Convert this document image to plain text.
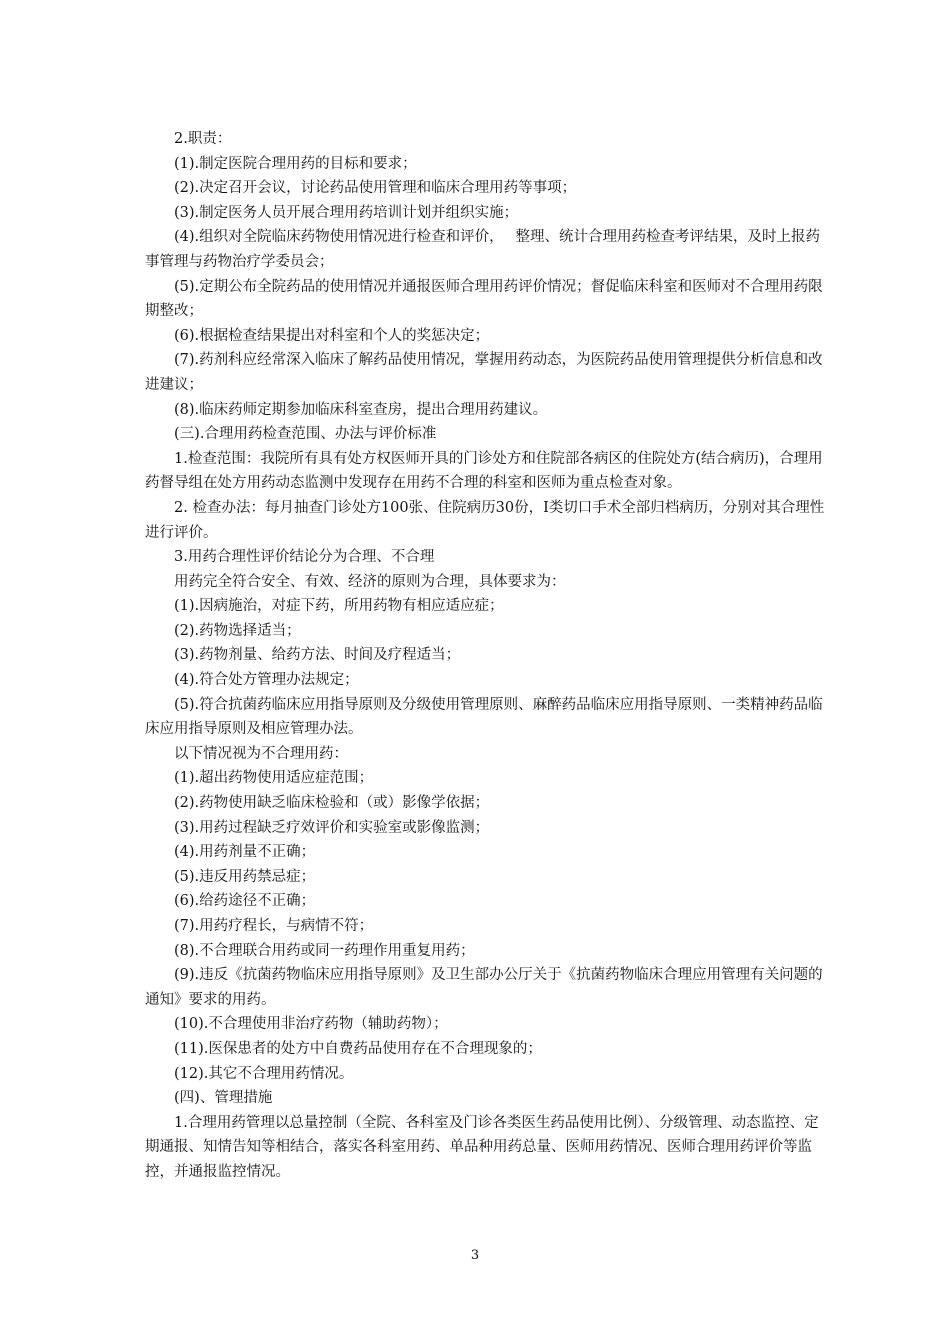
2.职责：

(1).制定医院合理用药的目标和要求；

(2).决定召开会议，讨论药品使用管理和临床合理用药等事项；

(3).制定医务人员开展合理用药培训计划并组织实施；

(4).组织对全院临床药物使用情况进行检查和评价，　 整理、统计合理用药检查考评结果，及时上报药事管理与药物治疗学委员会；

(5).定期公布全院药品的使用情况并通报医师合理用药评价情况；督促临床科室和医师对不合理用药限期整改；

(6).根据检查结果提出对科室和个人的奖惩决定；

(7).药剂科应经常深入临床了解药品使用情况，掌握用药动态，为医院药品使用管理提供分析信息和改进建议；

(8).临床药师定期参加临床科室查房，提出合理用药建议。

(三).合理用药检查范围、办法与评价标准

1.检查范围：我院所有具有处方权医师开具的门诊处方和住院部各病区的住院处方(结合病历)，合理用药督导组在处方用药动态监测中发现存在用药不合理的科室和医师为重点检查对象。

2. 检查办法：每月抽查门诊处方100张、住院病历30份，I类切口手术全部归档病历，分别对其合理性进行评价。

3.用药合理性评价结论分为合理、不合理

用药完全符合安全、有效、经济的原则为合理，具体要求为：

(1).因病施治，对症下药，所用药物有相应适应症；

(2).药物选择适当；

(3).药物剂量、给药方法、时间及疗程适当；

(4).符合处方管理办法规定；

(5).符合抗菌药临床应用指导原则及分级使用管理原则、麻醉药品临床应用指导原则、一类精神药品临床应用指导原则及相应管理办法。

以下情况视为不合理用药：

(1).超出药物使用适应症范围；

(2).药物使用缺乏临床检验和（或）影像学依据；

(3).用药过程缺乏疗效评价和实验室或影像监测；

(4).用药剂量不正确；

(5).违反用药禁忌症；

(6).给药途径不正确；

(7).用药疗程长，与病情不符；

(8).不合理联合用药或同一药理作用重复用药；

(9).违反《抗菌药物临床应用指导原则》及卫生部办公厅关于《抗菌药物临床合理应用管理有关问题的通知》要求的用药。

(10).不合理使用非治疗药物（辅助药物）；

(11).医保患者的处方中自费药品使用存在不合理现象的；

(12).其它不合理用药情况。

(四)、管理措施

1.合理用药管理以总量控制（全院、各科室及门诊各类医生药品使用比例）、分级管理、动态监控、定期通报、知情告知等相结合，落实各科室用药、单品种用药总量、医师用药情况、医师合理用药评价等监控，并通报监控情况。

3
